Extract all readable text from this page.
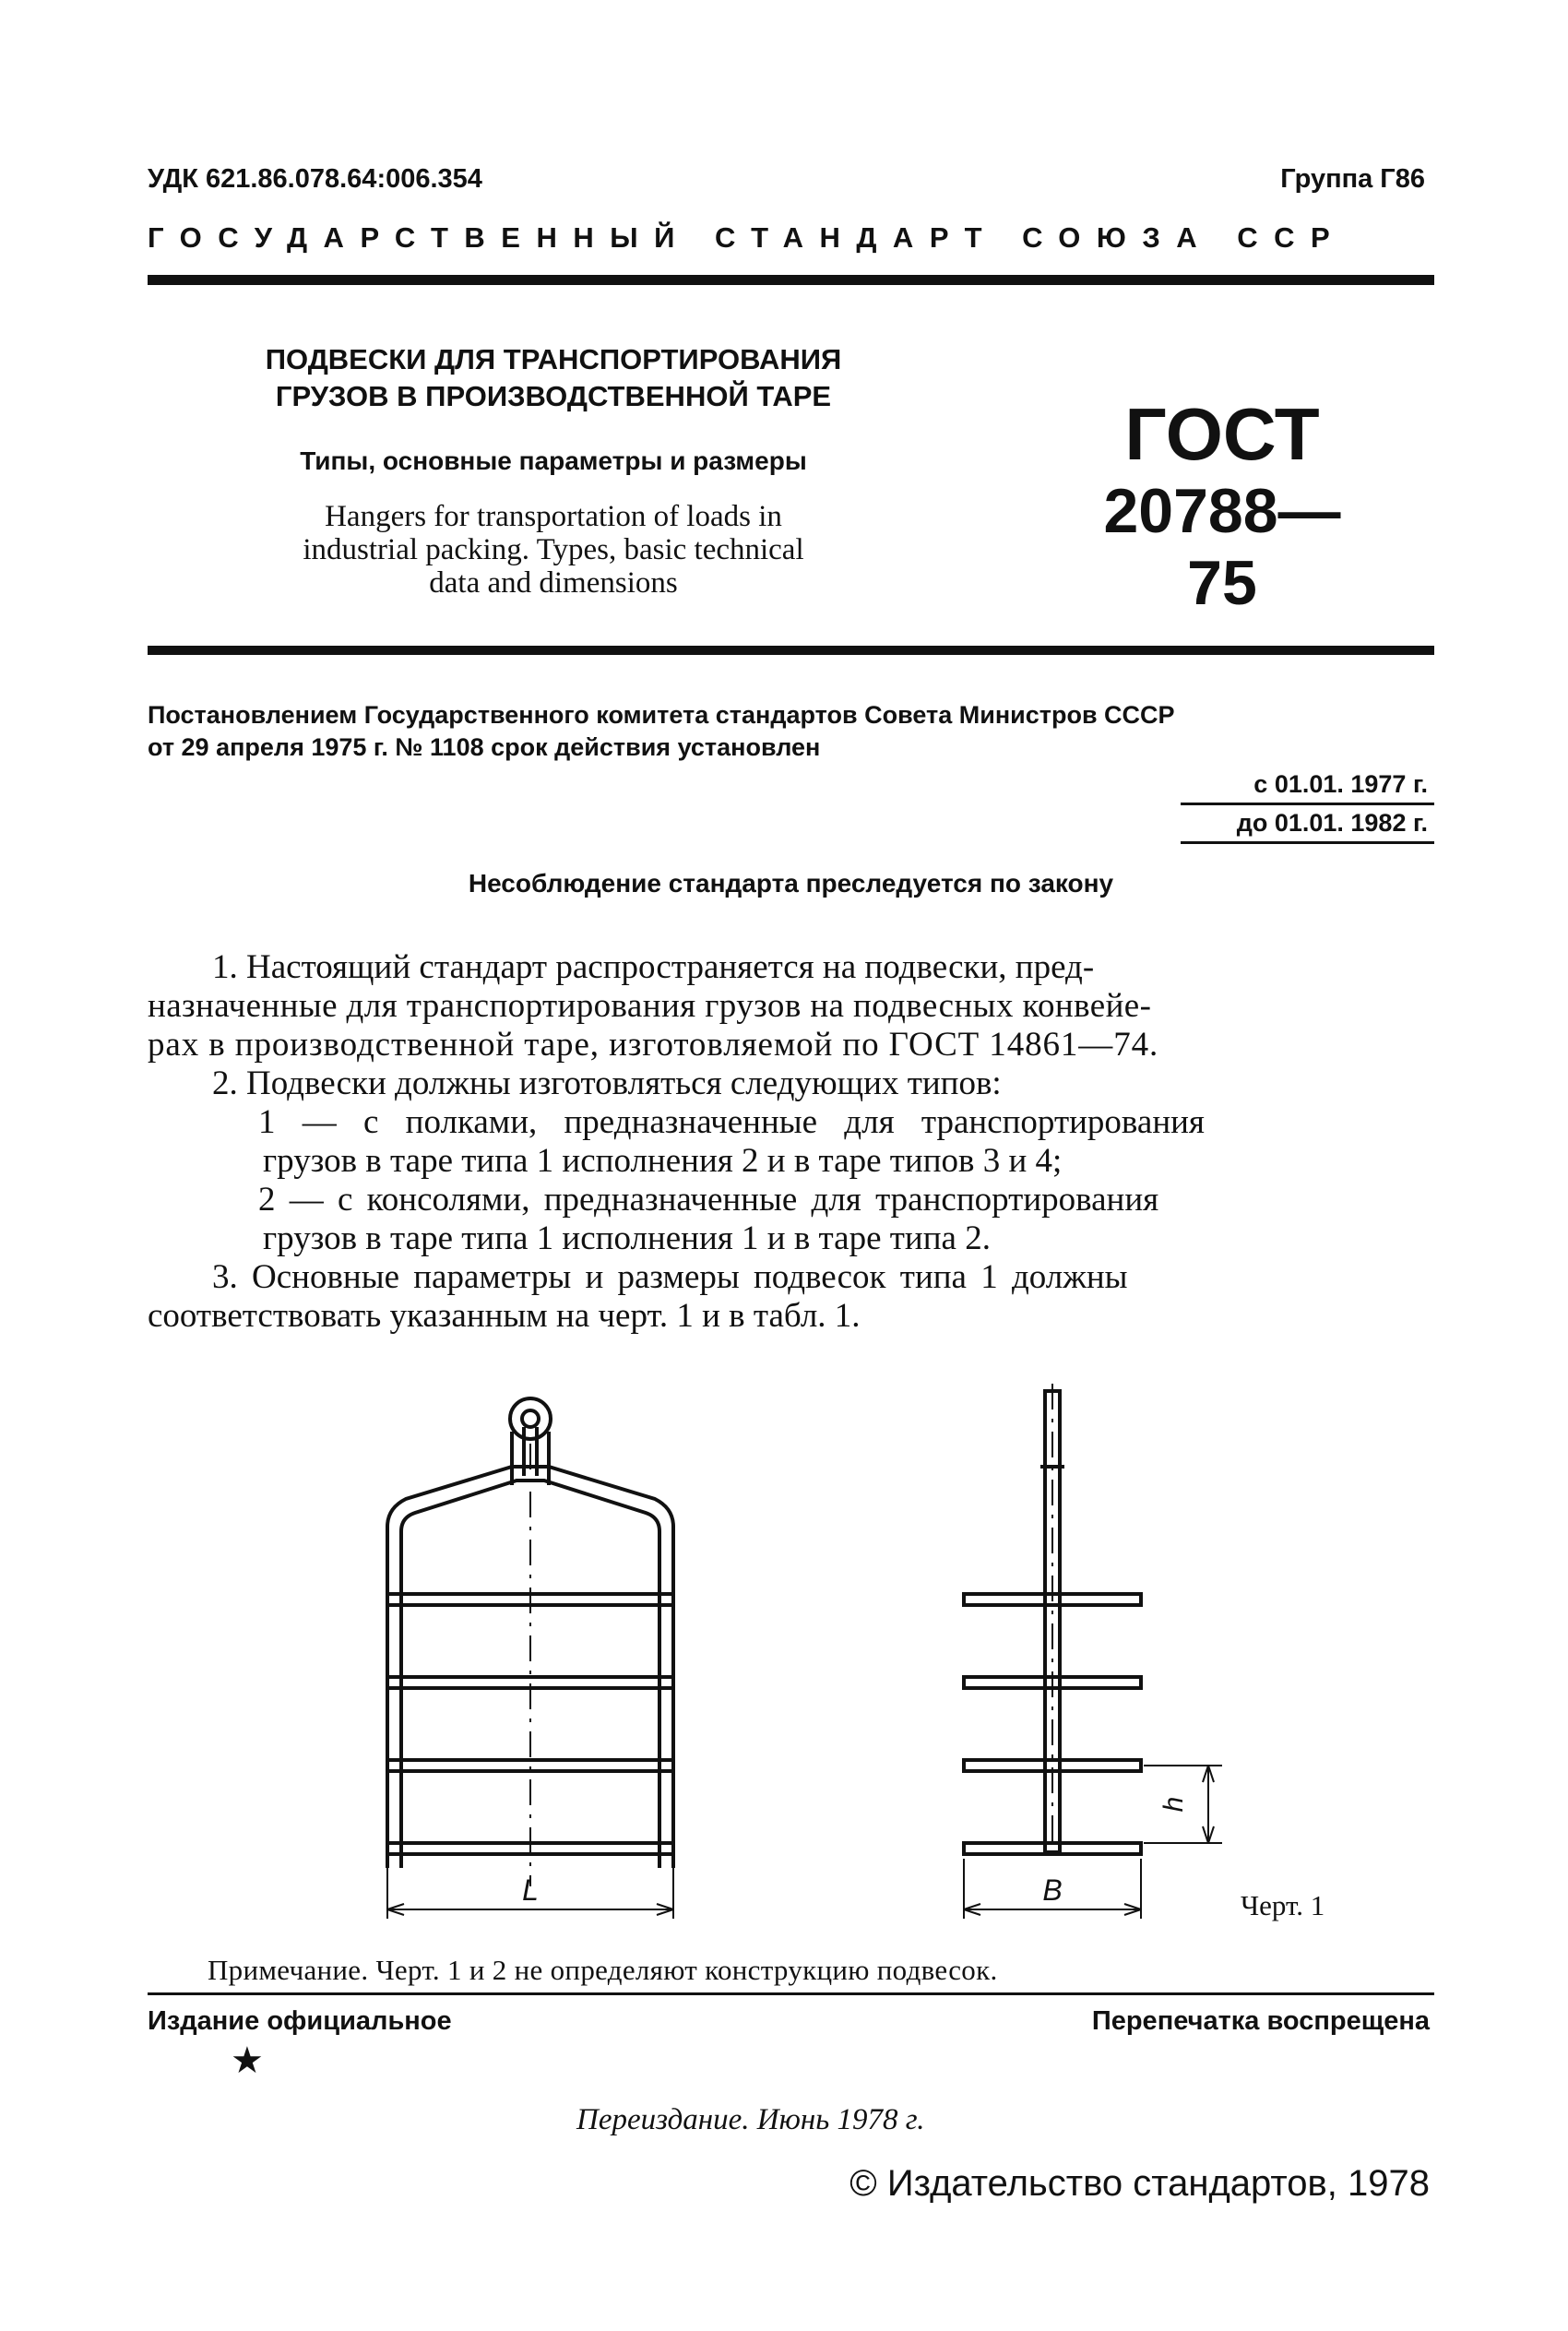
УДК 621.86.078.64:006.354	Группа Г86
ГОСУДАРСТВЕННЫЙ СТАНДАРТ СОЮЗА ССР
ПОДВЕСКИ ДЛЯ ТРАНСПОРТИРОВАНИЯ
ГРУЗОВ В ПРОИЗВОДСТВЕННОЙ ТАРЕ
Типы, основные параметры и размеры
Hangers for transportation of loads in
industrial packing. Types, basic technical
data and dimensions
ГОСТ
20788—75
Постановлением Государственного комитета стандартов Совета Министров СССР
от 29 апреля 1975 г. № 1108 срок действия установлен
с 01.01. 1977 г.
до 01.01. 1982 г.
Несоблюдение стандарта преследуется по закону
1. Настоящий стандарт распространяется на подвески, пред-
назначенные для транспортирования грузов на подвесных конвейе-
рах в производственной таре, изготовляемой по ГОСТ 14861—74.
2. Подвески должны изготовляться следующих типов:
1 — с полками, предназначенные для транспортирования
грузов в таре типа 1 исполнения 2 и в таре типов 3 и 4;
2 — с консолями, предназначенные для транспортирования
грузов в таре типа 1 исполнения 1 и в таре типа 2.
3. Основные параметры и размеры подвесок типа 1 должны
соответствовать указанным на черт. 1 и в табл. 1.
L	B
h
Черт. 1
Примечание. Черт. 1 и 2 не определяют конструкцию подвесок.
Издание официальное	Перепечатка воспрещена
★
Переиздание. Июнь 1978 г.
© Издательство стандартов, 1978
